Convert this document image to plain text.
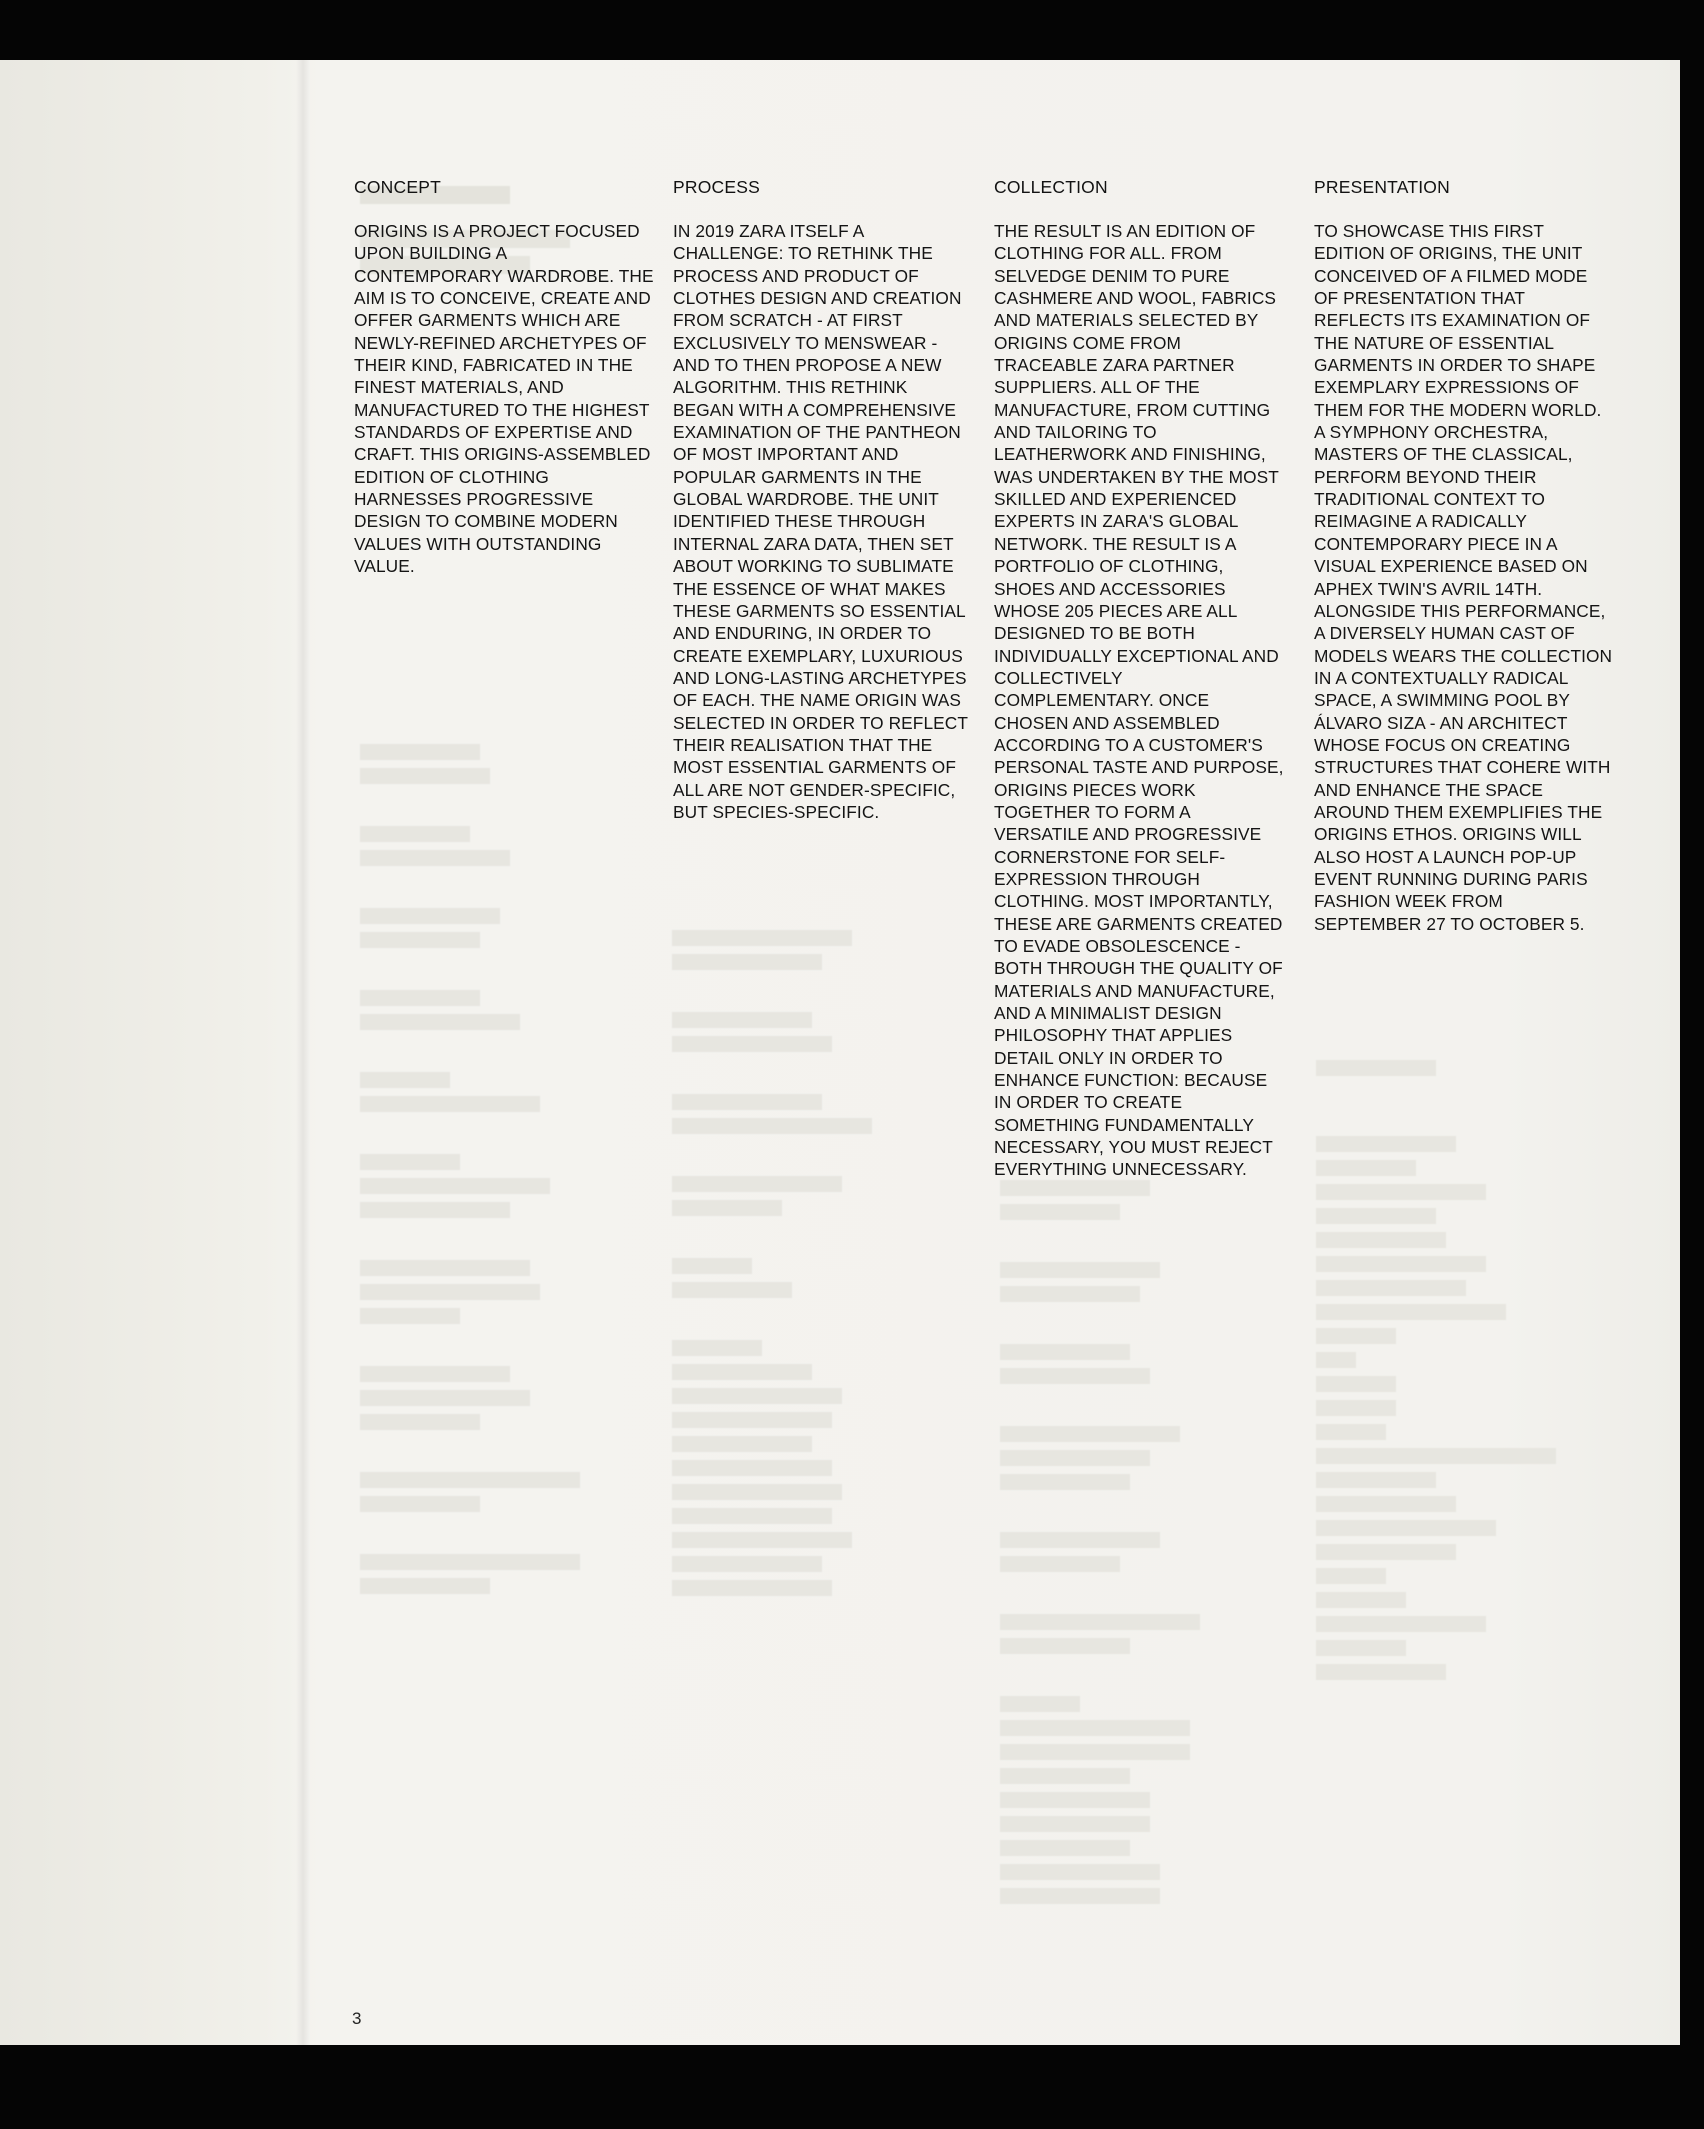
CONCEPT
ORIGINS IS A PROJECT FOCUSED UPON BUILDING A CONTEMPORARY WARDROBE. THE AIM IS TO CONCEIVE, CREATE AND OFFER GARMENTS WHICH ARE NEWLY-REFINED ARCHETYPES OF THEIR KIND, FABRICATED IN THE FINEST MATERIALS, AND MANUFACTURED TO THE HIGHEST STANDARDS OF EXPERTISE AND CRAFT. THIS ORIGINS-ASSEMBLED EDITION OF CLOTHING HARNESSES PROGRESSIVE DESIGN TO COMBINE MODERN VALUES WITH OUTSTANDING VALUE.
PROCESS
IN 2019 ZARA ITSELF A CHALLENGE: TO RETHINK THE PROCESS AND PRODUCT OF CLOTHES DESIGN AND CREATION FROM SCRATCH - AT FIRST EXCLUSIVELY TO MENSWEAR - AND TO THEN PROPOSE A NEW ALGORITHM. THIS RETHINK BEGAN WITH A COMPREHENSIVE EXAMINATION OF THE PANTHEON OF MOST IMPORTANT AND POPULAR GARMENTS IN THE GLOBAL WARDROBE. THE UNIT IDENTIFIED THESE THROUGH INTERNAL ZARA DATA, THEN SET ABOUT WORKING TO SUBLIMATE THE ESSENCE OF WHAT MAKES THESE GARMENTS SO ESSENTIAL AND ENDURING, IN ORDER TO CREATE EXEMPLARY, LUXURIOUS AND LONG-LASTING ARCHETYPES OF EACH. THE NAME ORIGIN WAS SELECTED IN ORDER TO REFLECT THEIR REALISATION THAT THE MOST ESSENTIAL GARMENTS OF ALL ARE NOT GENDER-SPECIFIC, BUT SPECIES-SPECIFIC.
COLLECTION
THE RESULT IS AN EDITION OF CLOTHING FOR ALL. FROM SELVEDGE DENIM TO PURE CASHMERE AND WOOL, FABRICS AND MATERIALS SELECTED BY ORIGINS COME FROM TRACEABLE ZARA PARTNER SUPPLIERS. ALL OF THE MANUFACTURE, FROM CUTTING AND TAILORING TO LEATHERWORK AND FINISHING, WAS UNDERTAKEN BY THE MOST SKILLED AND EXPERIENCED EXPERTS IN ZARA'S GLOBAL NETWORK. THE RESULT IS A PORTFOLIO OF CLOTHING, SHOES AND ACCESSORIES WHOSE 205 PIECES ARE ALL DESIGNED TO BE BOTH INDIVIDUALLY EXCEPTIONAL AND COLLECTIVELY COMPLEMENTARY. ONCE CHOSEN AND ASSEMBLED ACCORDING TO A CUSTOMER'S PERSONAL TASTE AND PURPOSE, ORIGINS PIECES WORK TOGETHER TO FORM A VERSATILE AND PROGRESSIVE CORNERSTONE FOR SELF-EXPRESSION THROUGH CLOTHING. MOST IMPORTANTLY, THESE ARE GARMENTS CREATED TO EVADE OBSOLESCENCE - BOTH THROUGH THE QUALITY OF MATERIALS AND MANUFACTURE, AND A MINIMALIST DESIGN PHILOSOPHY THAT APPLIES DETAIL ONLY IN ORDER TO ENHANCE FUNCTION: BECAUSE IN ORDER TO CREATE SOMETHING FUNDAMENTALLY NECESSARY, YOU MUST REJECT EVERYTHING UNNECESSARY.
PRESENTATION
TO SHOWCASE THIS FIRST EDITION OF ORIGINS, THE UNIT CONCEIVED OF A FILMED MODE OF PRESENTATION THAT REFLECTS ITS EXAMINATION OF THE NATURE OF ESSENTIAL GARMENTS IN ORDER TO SHAPE EXEMPLARY EXPRESSIONS OF THEM FOR THE MODERN WORLD. A SYMPHONY ORCHESTRA, MASTERS OF THE CLASSICAL, PERFORM BEYOND THEIR TRADITIONAL CONTEXT TO REIMAGINE A RADICALLY CONTEMPORARY PIECE IN A VISUAL EXPERIENCE BASED ON APHEX TWIN'S AVRIL 14TH. ALONGSIDE THIS PERFORMANCE, A DIVERSELY HUMAN CAST OF MODELS WEARS THE COLLECTION IN A CONTEXTUALLY RADICAL SPACE, A SWIMMING POOL BY ÁLVARO SIZA - AN ARCHITECT WHOSE FOCUS ON CREATING STRUCTURES THAT COHERE WITH AND ENHANCE THE SPACE AROUND THEM EXEMPLIFIES THE ORIGINS ETHOS. ORIGINS WILL ALSO HOST A LAUNCH POP-UP EVENT RUNNING DURING PARIS FASHION WEEK FROM SEPTEMBER 27 TO OCTOBER 5.
3
